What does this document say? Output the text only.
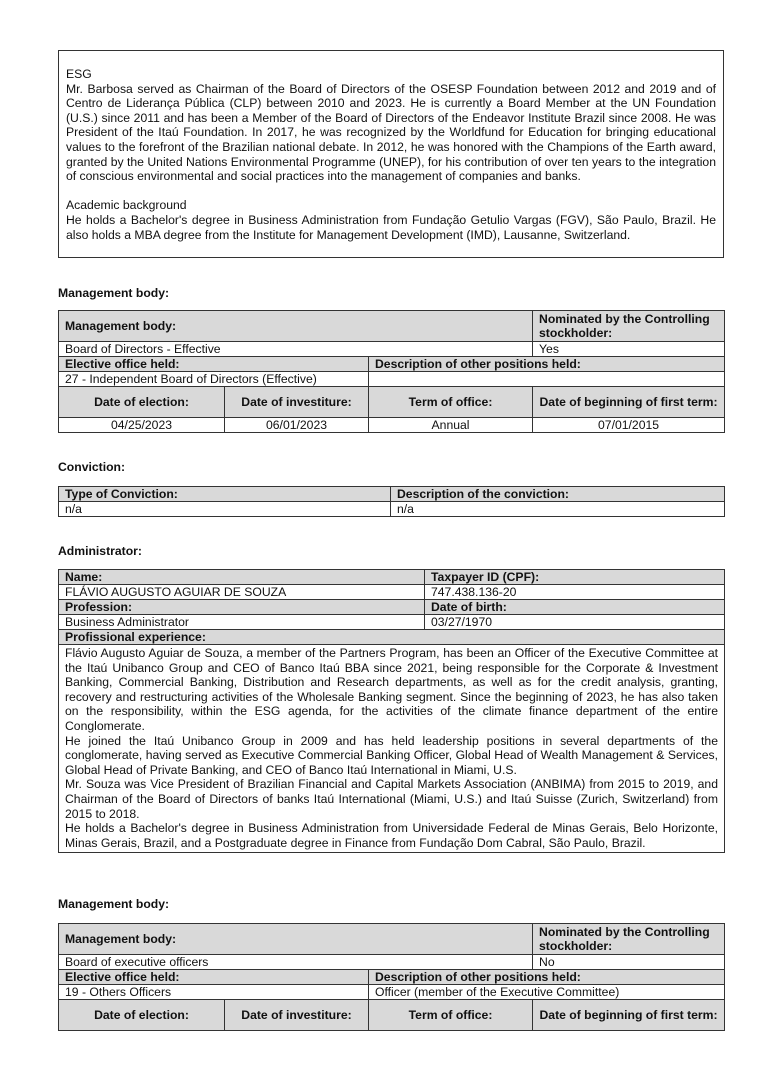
ESG

Mr. Barbosa served as Chairman of the Board of Directors of the OSESP Foundation between 2012 and 2019 and of Centro de Liderança Pública (CLP) between 2010 and 2023. He is currently a Board Member at the UN Foundation (U.S.) since 2011 and has been a Member of the Board of Directors of the Endeavor Institute Brazil since 2008. He was President of the Itaú Foundation. In 2017, he was recognized by the Worldfund for Education for bringing educational values to the forefront of the Brazilian national debate. In 2012, he was honored with the Champions of the Earth award, granted by the United Nations Environmental Programme (UNEP), for his contribution of over ten years to the integration of conscious environmental and social practices into the management of companies and banks.

Academic background

He holds a Bachelor's degree in Business Administration from Fundação Getulio Vargas (FGV), São Paulo, Brazil. He also holds a MBA degree from the Institute for Management Development (IMD), Lausanne, Switzerland.

Management body:
Management body:			Nominated by the Controlling stockholder:
Board of Directors - Effective			Yes
Elective office held:		Description of other positions held:	
27 - Independent Board of Directors (Effective)			
Date of election:	Date of investiture:	Term of office:	Date of beginning of first term:
04/25/2023	06/01/2023	Annual	07/01/2015
Conviction:
Type of Conviction:	Description of the conviction:
n/a	n/a
Administrator:
Name:	Taxpayer ID (CPF):
FLÁVIO AUGUSTO AGUIAR DE SOUZA	747.438.136-20
Profession:	Date of birth:
Business Administrator	03/27/1970
Profissional experience:	

Flávio Augusto Aguiar de Souza, a member of the Partners Program, has been an Officer of the Executive Committee at the Itaú Unibanco Group and CEO of Banco Itaú BBA since 2021, being responsible for the Corporate & Investment Banking, Commercial Banking, Distribution and Research departments, as well as for the credit analysis, granting, recovery and restructuring activities of the Wholesale Banking segment. Since the beginning of 2023, he has also taken on the responsibility, within the ESG agenda, for the activities of the climate finance department of the entire Conglomerate.

He joined the Itaú Unibanco Group in 2009 and has held leadership positions in several departments of the conglomerate, having served as Executive Commercial Banking Officer, Global Head of Wealth Management & Services, Global Head of Private Banking, and CEO of Banco Itaú International in Miami, U.S.

Mr. Souza was Vice President of Brazilian Financial and Capital Markets Association (ANBIMA) from 2015 to 2019, and Chairman of the Board of Directors of banks Itaú International (Miami, U.S.) and Itaú Suisse (Zurich, Switzerland) from 2015 to 2018.

He holds a Bachelor's degree in Business Administration from Universidade Federal de Minas Gerais, Belo Horizonte, Minas Gerais, Brazil, and a Postgraduate degree in Finance from Fundação Dom Cabral, São Paulo, Brazil.	

Management body:
Management body:			Nominated by the Controlling stockholder:
Board of executive officers			No
Elective office held:		Description of other positions held:	
19 - Others Officers		Officer (member of the Executive Committee)	
Date of election:	Date of investiture:	Term of office:	Date of beginning of first term:
